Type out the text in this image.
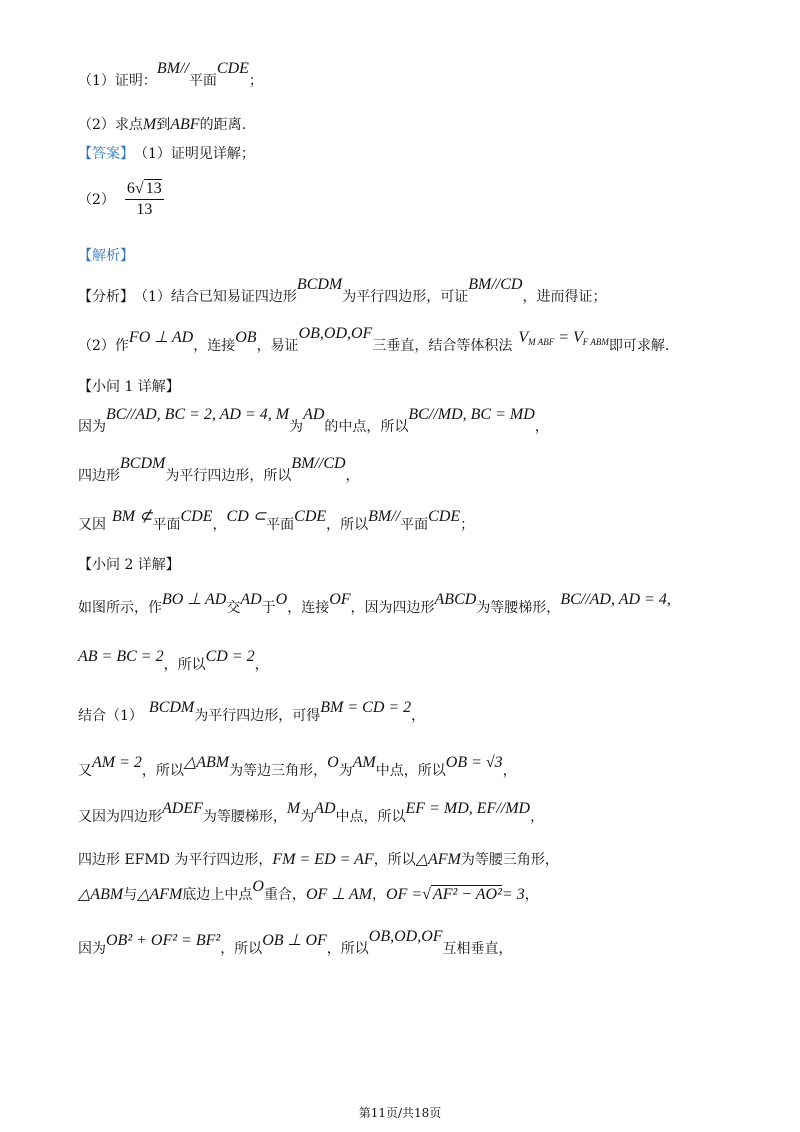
（1）证明：
BM//
平面
CDE
；
（2）求点 M 到 ABF 的距离.
【答案】 （1）证明见详解；
$(2) \frac{6√ 13}{13}$
【解析】
【分析】 （1）结合已知易证四边形
BCDM
为平行四边形，可证
BM//CD
，进而得证；
（2）作 FO ⊥ AD ，连接 OB ，易证
OB,OD,OF
三垂直，结合等体积法 VM ABF = VF ABM 即可求解.
【小问 1 详解】
因为
BC//AD, BC = 2, AD = 4, M
为
AD
的中点，所以
BC//MD, BC = MD
，
四边形
BCDM
为平行四边形，所以
BM//CD
，
又因 BM ⊄ 平面 CDE ， CD ⊂ 平面 CDE ，所以 BM// 平面 CDE ；
【小问 2 详解】
如图所示，作 BO ⊥ AD 交 AD 于 O ，连接 OF ，因为四边形 ABCD 为等腰梯形， BC//AD, AD = 4,
AB = BC = 2 ，所以 CD = 2 ，
结合（1） BCDM 为平行四边形，可得 BM = CD = 2 ，
又 AM = 2 ，所以 △ABM 为等边三角形， O 为 AM 中点，所以 OB = √3 ，
又因为四边形 ADEF 为等腰梯形， M 为 AD 中点，所以 EF = MD, EF//MD ，
四边形 EFMD 为平行四边形， FM = ED = AF ，所以 △AFM 为等腰三角形，
△ABM 与 △AFM 底边上中点 O 重合， OF ⊥ AM ， OF = √ AF² − AO² = 3 ，
因为 OB² + OF² = BF² ，所以 OB ⊥ OF ，所以
OB,OD,OF
互相垂直，
第11页/共18页
